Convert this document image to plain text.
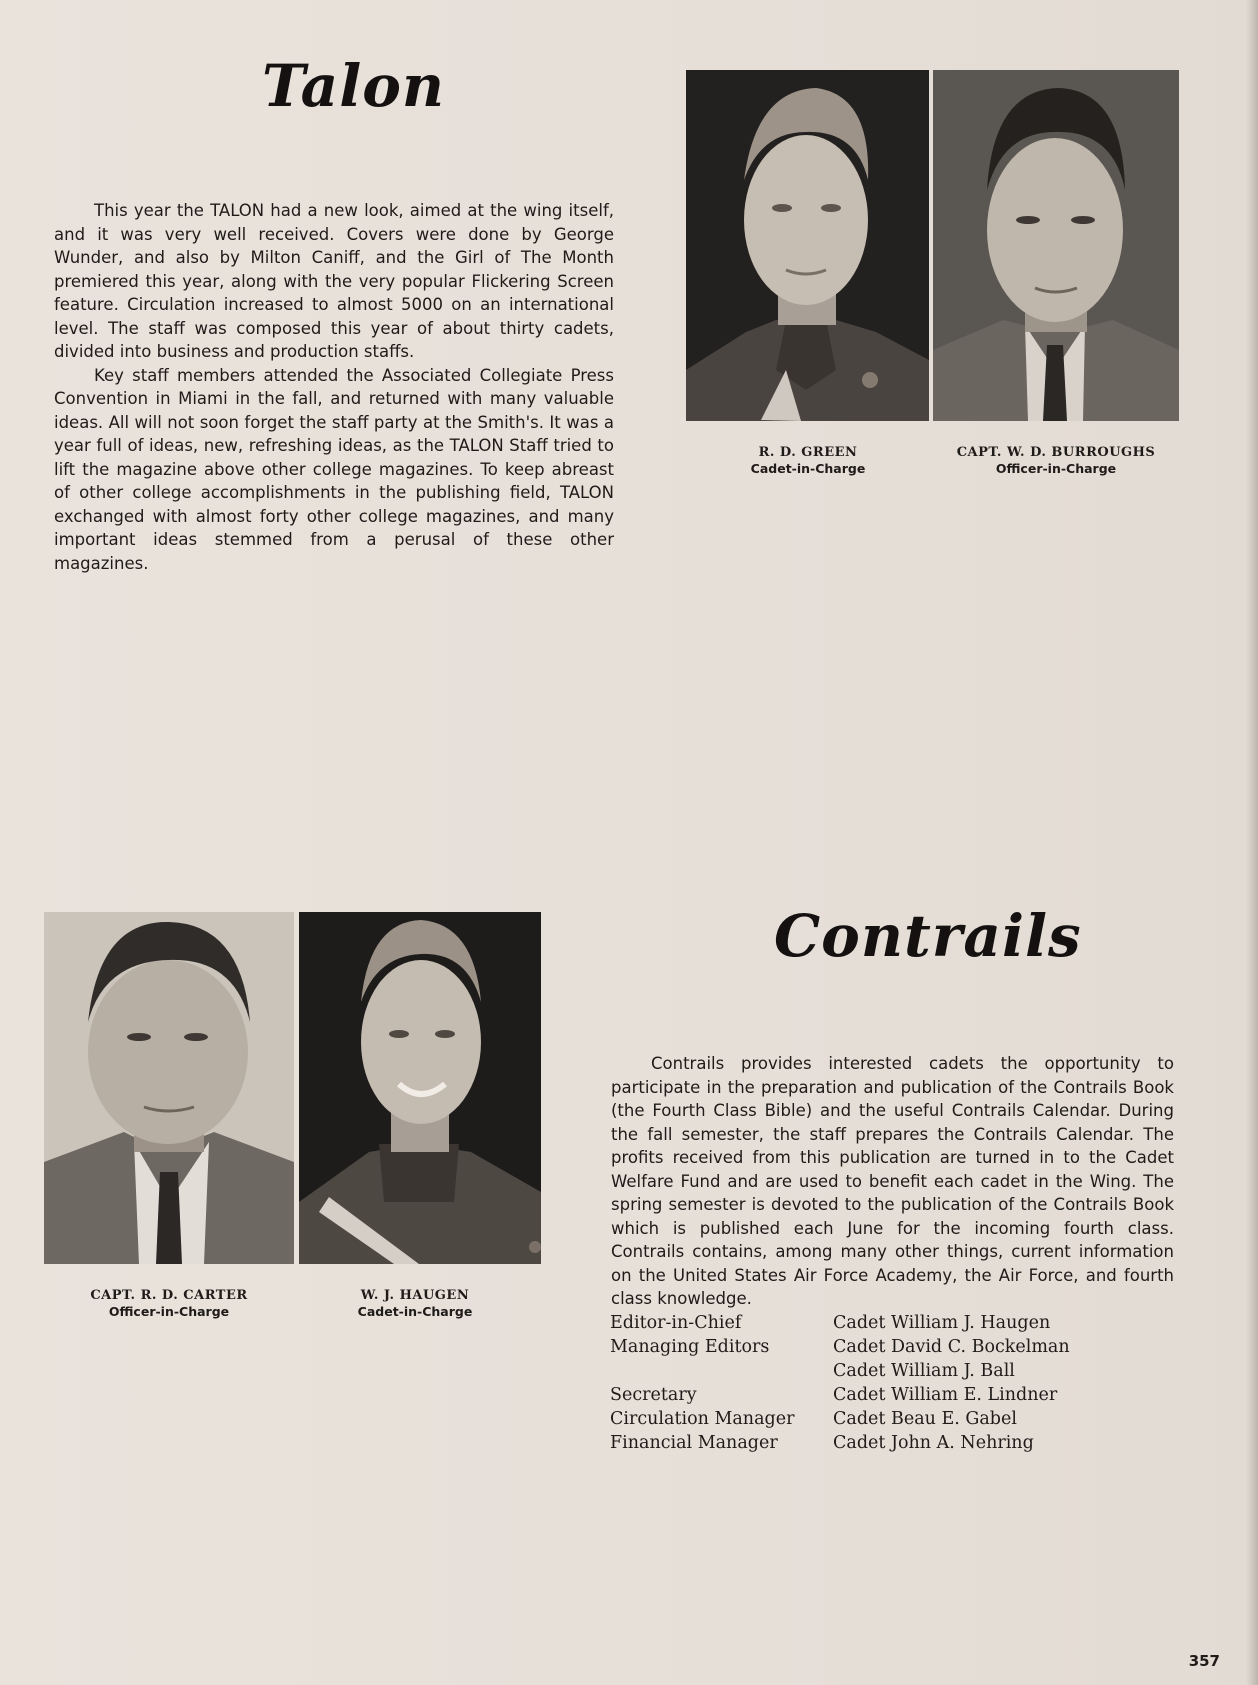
Talon

This year the TALON had a new look, aimed at the wing itself, and it was very well received. Covers were done by George Wunder, and also by Milton Caniff, and the Girl of The Month premiered this year, along with the very popular Flickering Screen feature. Circulation increased to almost 5000 on an international level. The staff was composed this year of about thirty cadets, divided into business and production staffs.

Key staff members attended the Associated Collegiate Press Convention in Miami in the fall, and returned with many valuable ideas. All will not soon forget the staff party at the Smith's. It was a year full of ideas, new, refreshing ideas, as the TALON Staff tried to lift the magazine above other college magazines. To keep abreast of other college accomplishments in the publishing field, TALON exchanged with almost forty other college magazines, and many important ideas stemmed from a perusal of these other magazines.

R. D. GREEN
Cadet-in-Charge
CAPT. W. D. BURROUGHS
Officer-in-Charge
CAPT. R. D. CARTER
Officer-in-Charge
W. J. HAUGEN
Cadet-in-Charge
Contrails

Contrails provides interested cadets the opportunity to participate in the preparation and publication of the Contrails Book (the Fourth Class Bible) and the useful Contrails Calendar. During the fall semester, the staff prepares the Contrails Calendar. The profits received from this publication are turned in to the Cadet Welfare Fund and are used to benefit each cadet in the Wing. The spring semester is devoted to the publication of the Contrails Book which is published each June for the incoming fourth class. Contrails contains, among many other things, current information on the United States Air Force Academy, the Air Force, and fourth class knowledge.

Editor-in-Chief	Cadet William J. Haugen
Managing Editors	Cadet David C. Bockelman
Cadet William J. Ball
Secretary	Cadet William E. Lindner
Circulation Manager	Cadet Beau E. Gabel
Financial Manager	Cadet John A. Nehring
357
